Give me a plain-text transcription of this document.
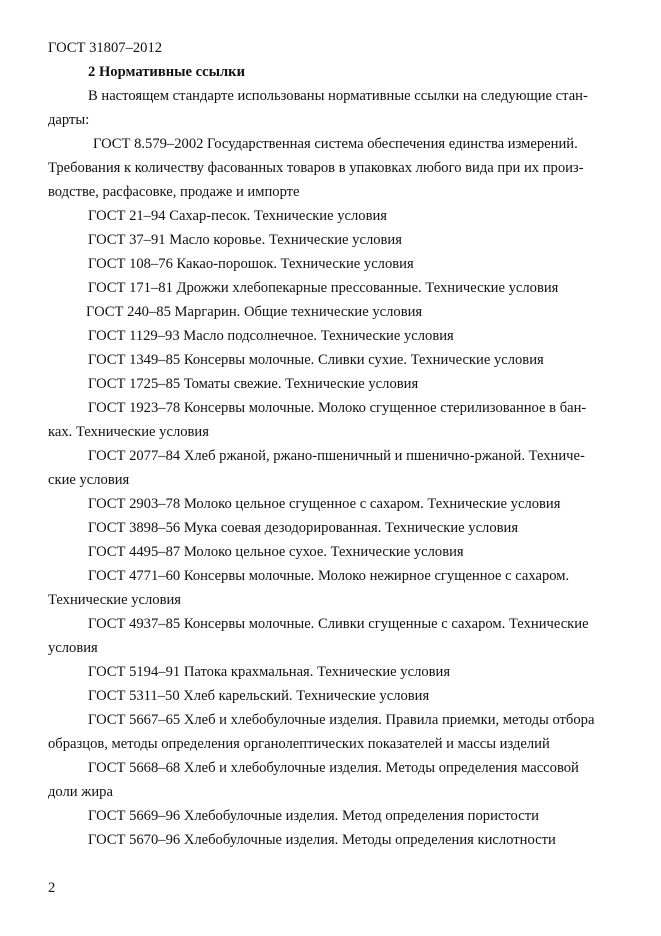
ГОСТ 31807–2012
2 Нормативные ссылки
В настоящем стандарте использованы нормативные ссылки на следующие стан-
дарты:
ГОСТ 8.579–2002 Государственная система обеспечения единства измерений.
Требования к количеству фасованных товаров в упаковках любого вида при их произ-
водстве, расфасовке, продаже и импорте
ГОСТ 21–94 Сахар-песок. Технические условия
ГОСТ 37–91 Масло коровье. Технические условия
ГОСТ 108–76 Какао-порошок. Технические условия
ГОСТ 171–81 Дрожжи хлебопекарные прессованные. Технические условия
ГОСТ 240–85 Маргарин. Общие технические условия
ГОСТ 1129–93 Масло подсолнечное. Технические условия
ГОСТ 1349–85 Консервы молочные. Сливки сухие. Технические условия
ГОСТ 1725–85 Томаты свежие. Технические условия
ГОСТ 1923–78 Консервы молочные. Молоко сгущенное стерилизованное в бан-
ках. Технические условия
ГОСТ 2077–84 Хлеб ржаной, ржано-пшеничный и пшенично-ржаной. Техниче-
ские условия
ГОСТ 2903–78 Молоко цельное сгущенное с сахаром. Технические условия
ГОСТ 3898–56 Мука соевая дезодорированная. Технические условия
ГОСТ 4495–87 Молоко цельное сухое. Технические условия
ГОСТ 4771–60 Консервы молочные. Молоко нежирное сгущенное с сахаром.
Технические условия
ГОСТ 4937–85 Консервы молочные. Сливки сгущенные с сахаром. Технические
условия
ГОСТ 5194–91 Патока крахмальная. Технические условия
ГОСТ 5311–50 Хлеб карельский. Технические условия
ГОСТ 5667–65 Хлеб и хлебобулочные изделия. Правила приемки, методы отбора
образцов, методы определения органолептических показателей и массы изделий
ГОСТ 5668–68 Хлеб и хлебобулочные изделия. Методы определения массовой
доли жира
ГОСТ 5669–96 Хлебобулочные изделия. Метод определения пористости
ГОСТ 5670–96 Хлебобулочные изделия. Методы определения кислотности
2
